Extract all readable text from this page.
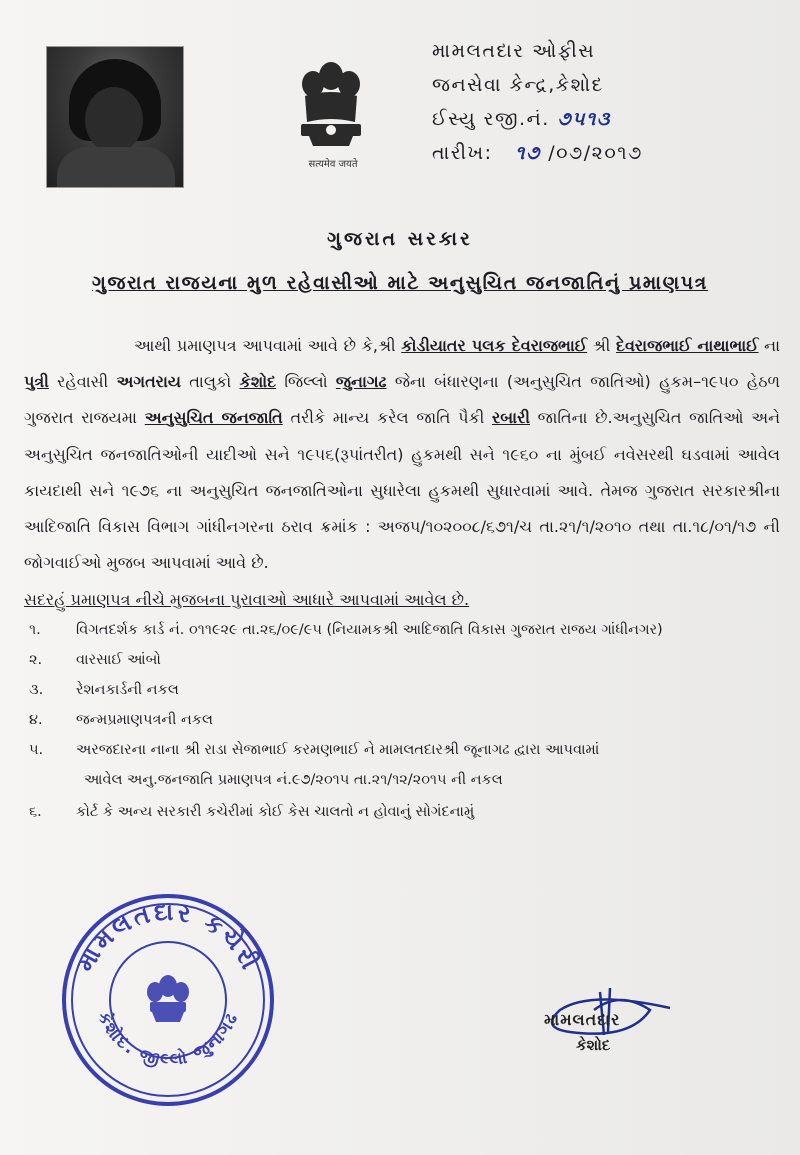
सत्यमेव जयते
મામલતદાર ઓફીસ
જનસેવા કેન્દ્ર,કેશોદ
ઈસ્યુ રજી.નં. ૭૫૧૩
તારીખ: ૧૭ /૦૭/૨૦૧૭
ગુજરાત સરકાર
ગુજરાત રાજયના મુળ રહેવાસીઓ માટે અનુસુચિત જનજાતિનું પ્રમાણપત્ર

આથી પ્રમાણપત્ર આપવામાં આવે છે કે,શ્રી કોડીયાતર પલક દેવરાજભાઈ શ્રી દેવરાજભાઈ નાથાભાઈ ના પુત્રી રહેવાસી અગતરાય તાલુકો કેશોદ જિલ્લો જુનાગઢ જેના બંધારણના (અનુસુચિત જાતિઓ) હુકમ–૧૯૫૦ હેઠળ ગુજરાત રાજયમા અનુસુચિત જનજાતિ તરીકે માન્ય કરેલ જાતિ પૈકી રબારી જાતિના છે.અનુસુચિત જાતિઓ અને અનુસુચિત જનજાતિઓની યાદીઓ સને ૧૯૫૬(રૂપાંતરીત) હુકમથી સને ૧૯૬૦ ના મુંબઈ નવેસરથી ઘડવામાં આવેલ કાયદાથી સને ૧૯૭૬ ના અનુસુચિત જનજાતિઓના સુધારેલા હુકમથી સુધારવામાં આવે. તેમજ ગુજરાત સરકારશ્રીના આદિજાતિ વિકાસ વિભાગ ગાંધીનગરના ઠરાવ ક્રમાંક : અજપ/૧૦૨૦૦૮/૬૭૧/ચ તા.૨૧/૧/૨૦૧૦ તથા તા.૧૮/૦૧/૧૭ ની જોગવાઈઓ મુજબ આપવામાં આવે છે.

સદરહું પ્રમાણપત્ર નીચે મુજબના પુરાવાઓ આધારે આપવામાં આવેલ છે.
૧.	વિગતદર્શક કાર્ડ નં. ૦૧૧૯૨૯ તા.૨૬/૦૯/૯૫ (નિયામકશ્રી આદિજાતિ વિકાસ ગુજરાત રાજય ગાંધીનગર)
૨.	વારસાઈ આંબો
૩.	રેશનકાર્ડની નકલ
૪.	જન્મપ્રમાણપત્રની નકલ
૫.	અરજદારના નાના શ્રી રાડા સેજાભાઈ કરમણભાઈ ને મામલતદારશ્રી જૂનાગઢ દ્વારા આપવામાં
આવેલ અનુ.જનજાતિ પ્રમાણપત્ર નં.૯૭/૨૦૧૫ તા.૨૧/૧૨/૨૦૧૫ ની નકલ
૬.	કોર્ટ કે અન્ય સરકારી કચેરીમાં કોઈ કેસ ચાલતો ન હોવાનું સોગંદનામું
મામલતદાર કચેરી
કેશોદ. જીલ્લો જુનાગઢ	મામલતદાર
કેશોદ
